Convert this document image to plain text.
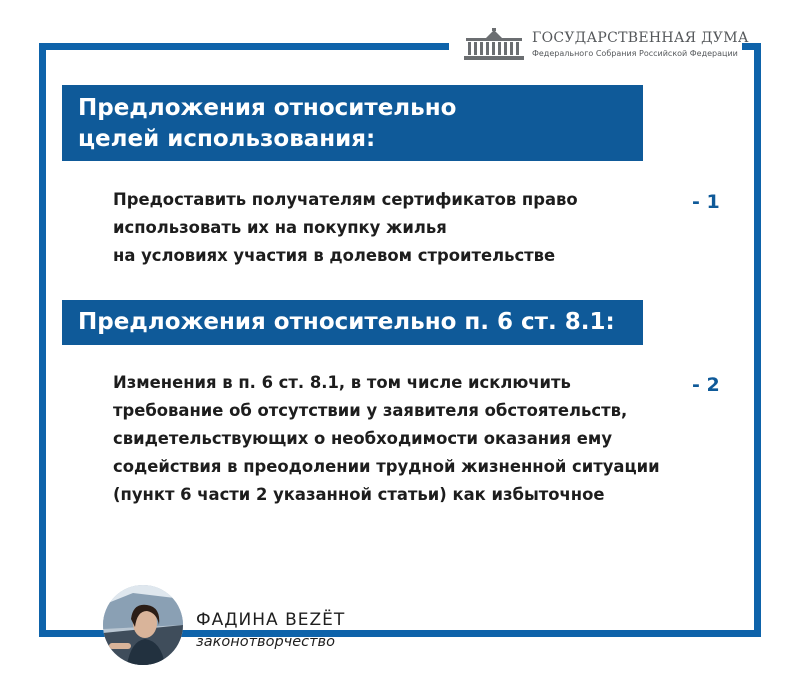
ГОСУДАРСТВЕННАЯ ДУМА
Федерального Собрания Российской Федерации
Предложения относительно
целей использования:
Предоставить получателям сертификатов право
использовать их на покупку жилья
на условиях участия в долевом строительстве
- 1
Предложения относительно п. 6 ст. 8.1:
Изменения в п. 6 ст. 8.1, в том числе исключить
требование об отсутствии у заявителя обстоятельств,
свидетельствующих о необходимости оказания ему
содействия в преодолении трудной жизненной ситуации
(пункт 6 части 2 указанной статьи) как избыточное
- 2
ФАДИНА ВEZЁТ
законотворчество
